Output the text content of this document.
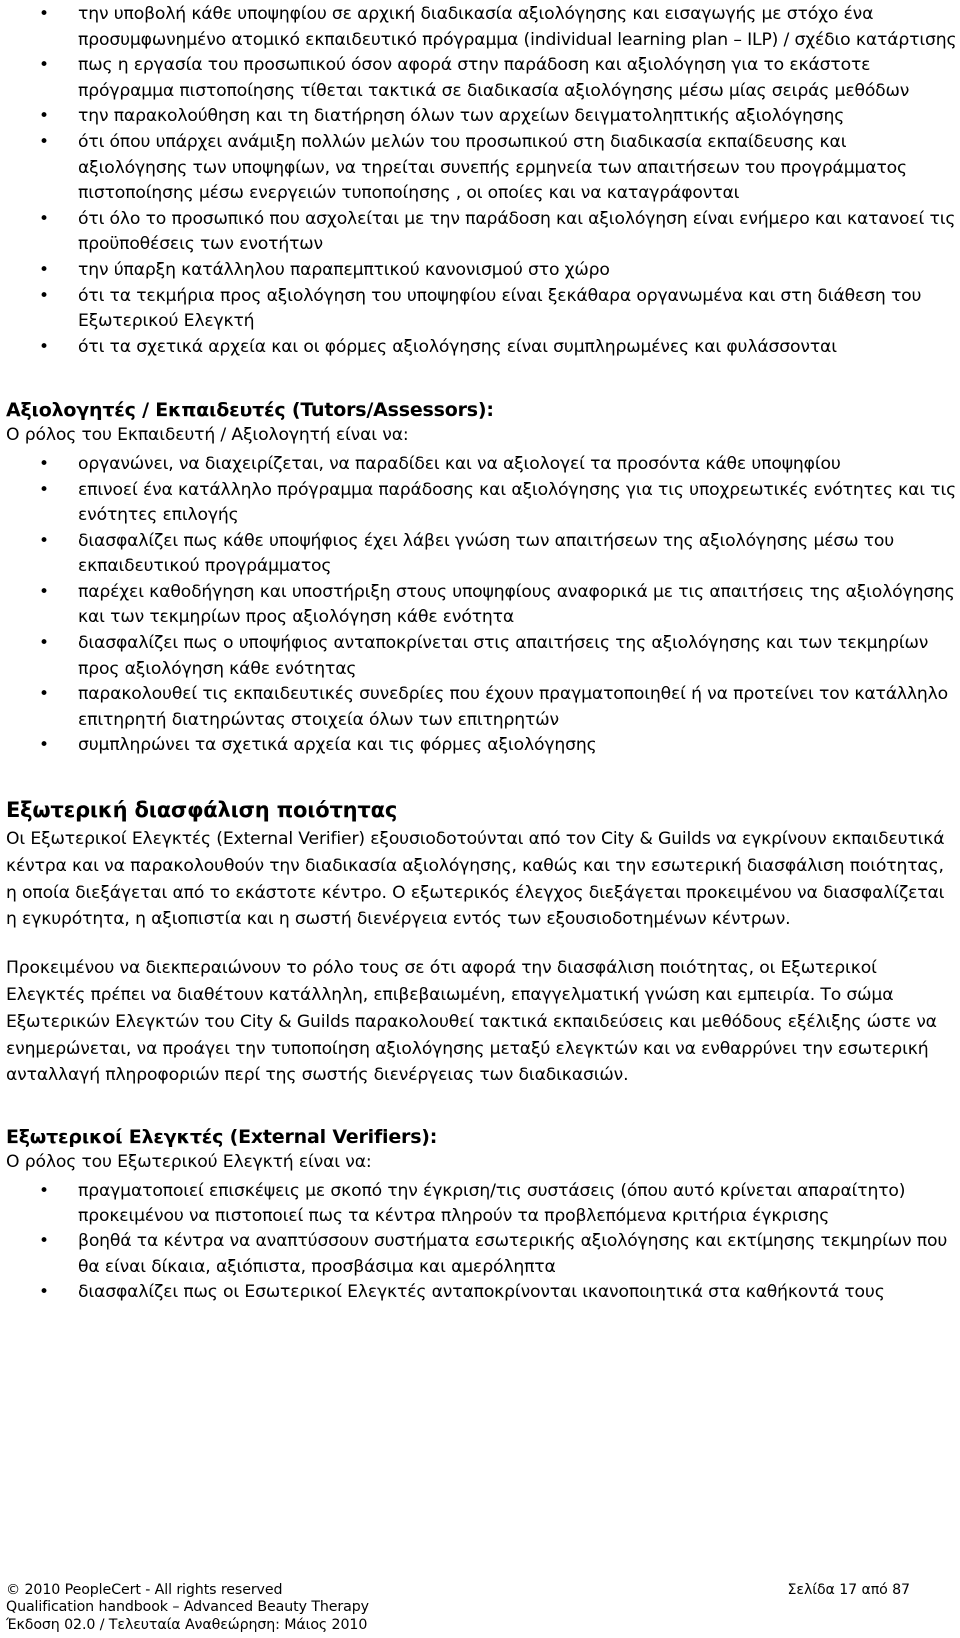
• την υποβολή κάθε υποψηφίου σε αρχική διαδικασία αξιολόγησης και εισαγωγής με στόχο ένα προσυμφωνημένο ατομικό εκπαιδευτικό πρόγραμμα (individual learning plan – ILP) / σχέδιο κατάρτισης
• πως η εργασία του προσωπικού όσον αφορά στην παράδοση και αξιολόγηση για το εκάστοτε πρόγραμμα πιστοποίησης τίθεται τακτικά σε διαδικασία αξιολόγησης μέσω μίας σειράς μεθόδων
• την παρακολούθηση και τη διατήρηση όλων των αρχείων δειγματοληπτικής αξιολόγησης
• ότι όπου υπάρχει ανάμιξη πολλών μελών του προσωπικού στη διαδικασία εκπαίδευσης και αξιολόγησης των υποψηφίων, να τηρείται συνεπής ερμηνεία των απαιτήσεων του προγράμματος πιστοποίησης μέσω ενεργειών τυποποίησης , οι οποίες και να καταγράφονται
• ότι όλο το προσωπικό που ασχολείται με την παράδοση και αξιολόγηση είναι ενήμερο και κατανοεί τις προϋποθέσεις των ενοτήτων
• την ύπαρξη κατάλληλου παραπεμπτικού κανονισμού στο χώρο
• ότι τα τεκμήρια προς αξιολόγηση του υποψηφίου είναι ξεκάθαρα οργανωμένα και στη διάθεση του Εξωτερικού Ελεγκτή
• ότι τα σχετικά αρχεία και οι φόρμες αξιολόγησης είναι συμπληρωμένες και φυλάσσονται
Αξιολογητές / Εκπαιδευτές (Tutors/Assessors):

Ο ρόλος του Εκπαιδευτή / Αξιολογητή είναι να:

• οργανώνει, να διαχειρίζεται, να παραδίδει και να αξιολογεί τα προσόντα κάθε υποψηφίου
• επινοεί ένα κατάλληλο πρόγραμμα παράδοσης και αξιολόγησης για τις υποχρεωτικές ενότητες και τις ενότητες επιλογής
• διασφαλίζει πως κάθε υποψήφιος έχει λάβει γνώση των απαιτήσεων της αξιολόγησης μέσω του εκπαιδευτικού προγράμματος
• παρέχει καθοδήγηση και υποστήριξη στους υποψηφίους αναφορικά με τις απαιτήσεις της αξιολόγησης και των τεκμηρίων προς αξιολόγηση κάθε ενότητα
• διασφαλίζει πως ο υποψήφιος ανταποκρίνεται στις απαιτήσεις της αξιολόγησης και των τεκμηρίων προς αξιολόγηση κάθε ενότητας
• παρακολουθεί τις εκπαιδευτικές συνεδρίες που έχουν πραγματοποιηθεί ή να προτείνει τον κατάλληλο επιτηρητή διατηρώντας στοιχεία όλων των επιτηρητών
• συμπληρώνει τα σχετικά αρχεία και τις φόρμες αξιολόγησης
Εξωτερική διασφάλιση ποιότητας

Οι Εξωτερικοί Ελεγκτές (External Verifier) εξουσιοδοτούνται από τον City & Guilds να εγκρίνουν εκπαιδευτικά κέντρα και να παρακολουθούν την διαδικασία αξιολόγησης, καθώς και την εσωτερική διασφάλιση ποιότητας, η οποία διεξάγεται από το εκάστοτε κέντρο. Ο εξωτερικός έλεγχος διεξάγεται προκειμένου να διασφαλίζεται η εγκυρότητα, η αξιοπιστία και η σωστή διενέργεια εντός των εξουσιοδοτημένων κέντρων.

Προκειμένου να διεκπεραιώνουν το ρόλο τους σε ότι αφορά την διασφάλιση ποιότητας, οι Εξωτερικοί Ελεγκτές πρέπει να διαθέτουν κατάλληλη, επιβεβαιωμένη, επαγγελματική γνώση και εμπειρία. Το σώμα Εξωτερικών Ελεγκτών του City & Guilds παρακολουθεί τακτικά εκπαιδεύσεις και μεθόδους εξέλιξης ώστε να ενημερώνεται, να προάγει την τυποποίηση αξιολόγησης μεταξύ ελεγκτών και να ενθαρρύνει την εσωτερική ανταλλαγή πληροφοριών περί της σωστής διενέργειας των διαδικασιών.

Εξωτερικοί Ελεγκτές (External Verifiers):

Ο ρόλος του Εξωτερικού Ελεγκτή είναι να:

• πραγματοποιεί επισκέψεις με σκοπό την έγκριση/τις συστάσεις (όπου αυτό κρίνεται απαραίτητο) προκειμένου να πιστοποιεί πως τα κέντρα πληρούν τα προβλεπόμενα κριτήρια έγκρισης
• βοηθά τα κέντρα να αναπτύσσουν συστήματα εσωτερικής αξιολόγησης και εκτίμησης τεκμηρίων που θα είναι δίκαια, αξιόπιστα, προσβάσιμα και αμερόληπτα
• διασφαλίζει πως οι Εσωτερικοί Ελεγκτές ανταποκρίνονται ικανοποιητικά στα καθήκοντά τους
© 2010 PeopleCert - All rights reserved	Σελίδα 17 από 87
Qualification handbook – Advanced Beauty Therapy
Έκδοση 02.0 / Τελευταία Αναθεώρηση: Μάιος 2010
